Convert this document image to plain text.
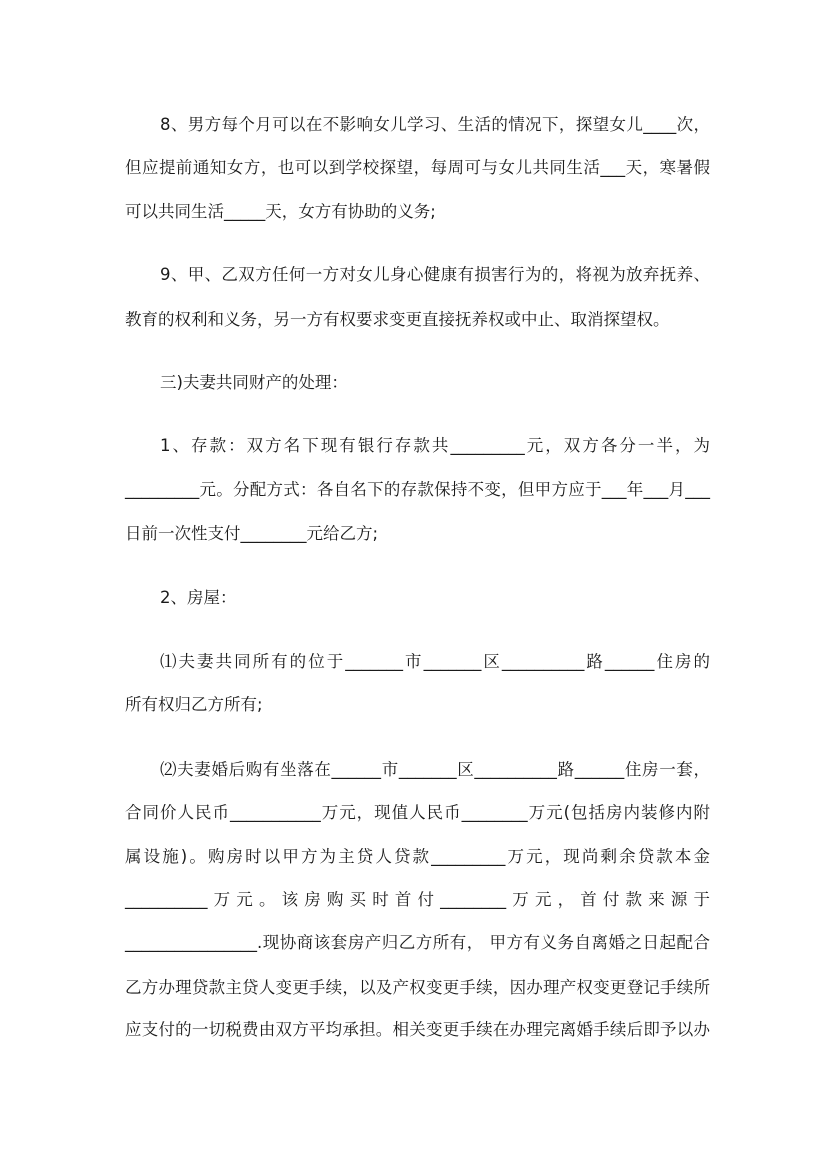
8、男方每个月可以在不影响女儿学习、生活的情况下，探望女儿____次，
但应提前通知女方，也可以到学校探望，每周可与女儿共同生活___天，寒暑假
可以共同生活_____天，女方有协助的义务;
9、甲、乙双方任何一方对女儿身心健康有损害行为的，将视为放弃抚养、
教育的权利和义务，另一方有权要求变更直接抚养权或中止、取消探望权。
三)夫妻共同财产的处理：
1、存款：双方名下现有银行存款共_________元，双方各分一半，为
_________元。分配方式：各自名下的存款保持不变，但甲方应于___年___月___
日前一次性支付________元给乙方;
2、房屋：
⑴夫妻共同所有的位于_______市_______区__________路______住房的
所有权归乙方所有;
⑵夫妻婚后购有坐落在______市_______区__________路______住房一套，
合同价人民币___________万元，现值人民币________万元(包括房内装修内附
属设施)。购房时以甲方为主贷人贷款_________万元，现尚剩余贷款本金
__________万元。该房购买时首付________万元，首付款来源于
________________.现协商该套房产归乙方所有， 甲方有义务自离婚之日起配合
乙方办理贷款主贷人变更手续，以及产权变更手续，因办理产权变更登记手续所
应支付的一切税费由双方平均承担。相关变更手续在办理完离婚手续后即予以办
